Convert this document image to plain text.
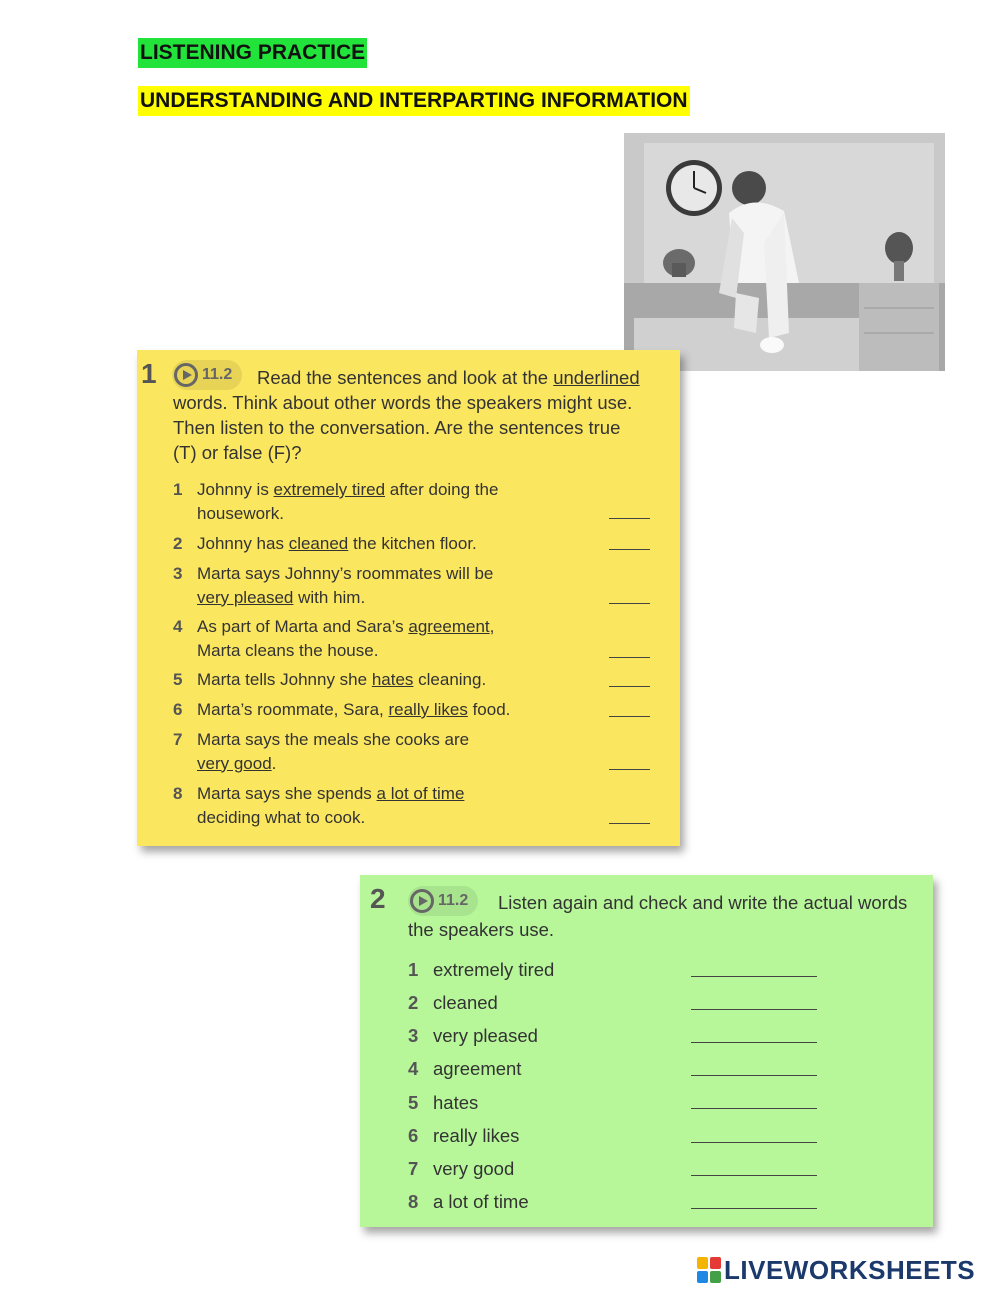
LISTENING PRACTICE
UNDERSTANDING AND INTERPARTING INFORMATION
1	11.2	Read the sentences and look at the underlined words. Think about other words the speakers might use. Then listen to the conversation. Are the sentences true (T) or false (F)?
1 Johnny is extremely tired after doing the housework.
2 Johnny has cleaned the kitchen floor.
3 Marta says Johnny’s roommates will be very pleased with him.
4 As part of Marta and Sara’s agreement, Marta cleans the house.
5 Marta tells Johnny she hates cleaning.
6 Marta’s roommate, Sara, really likes food.
7 Marta says the meals she cooks are very good.
8 Marta says she spends a lot of time deciding what to cook.
2	11.2	Listen again and check and write the actual words the speakers use.
1 extremely tired
2 cleaned
3 very pleased
4 agreement
5 hates
6 really likes
7 very good
8 a lot of time
LIVEWORKSHEETS
